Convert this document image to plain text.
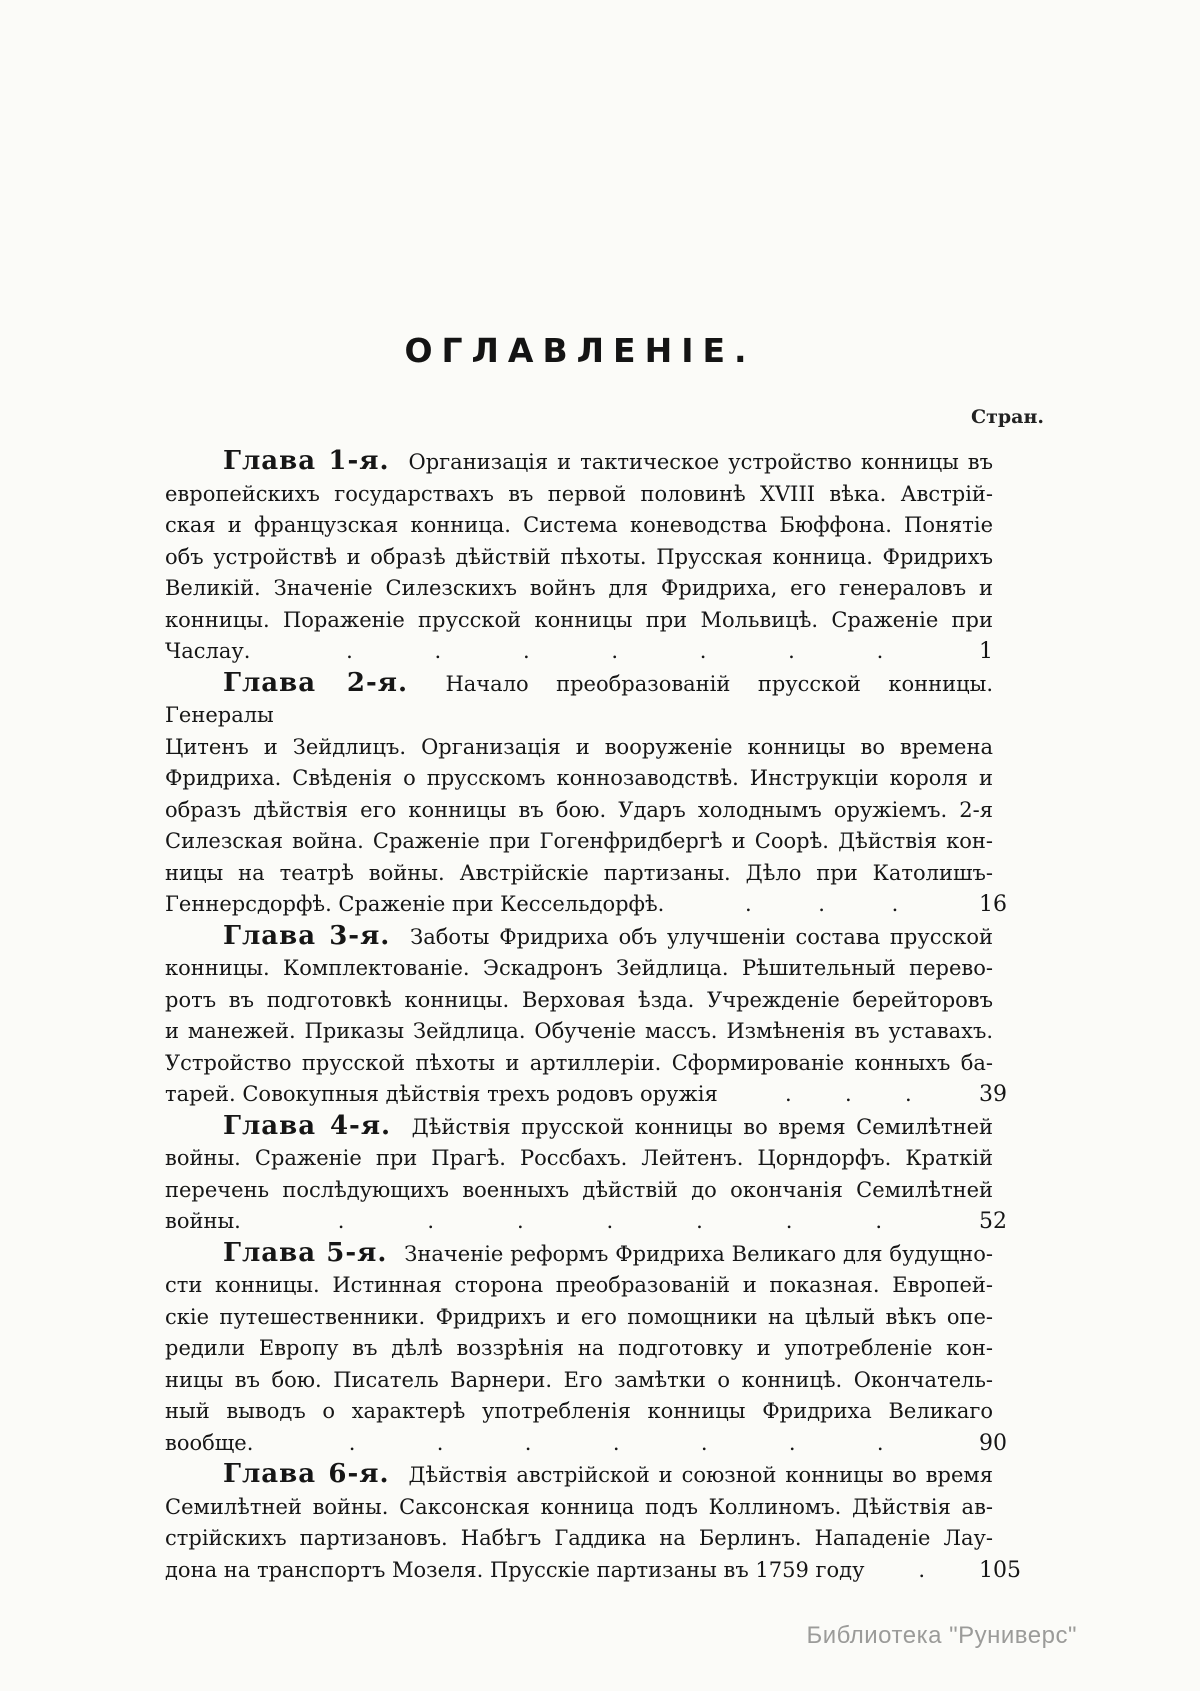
ОГЛАВЛЕНІЕ.
Стран.
Глава 1-я. Организація и тактическое устройство конницы въ
европейскихъ государствахъ въ первой половинѣ XVIII вѣка. Австрій-
ская и французская конница. Система коневодства Бюффона. Понятіе
объ устройствѣ и образѣ дѣйствій пѣхоты. Прусская конница. Фридрихъ
Великій. Значеніе Силезскихъ войнъ для Фридриха, его генераловъ и
конницы. Пораженіе прусской конницы при Мольвицѣ. Сраженіе при
Часлау.	.	.	.	.	.	.	.	1
Глава 2-я. Начало преобразованій прусской конницы. Генералы
Цитенъ и Зейдлицъ. Организація и вооруженіе конницы во времена
Фридриха. Свѣденія о прусскомъ коннозаводствѣ. Инструкціи короля и
образъ дѣйствія его конницы въ бою. Ударъ холоднымъ оружіемъ. 2-я
Силезская война. Сраженіе при Гогенфридбергѣ и Соорѣ. Дѣйствія кон-
ницы на театрѣ войны. Австрійскіе партизаны. Дѣло при Католишъ-
Геннерсдорфѣ. Сраженіе при Кессельдорфѣ.	.	.	.	16
Глава 3-я. Заботы Фридриха объ улучшеніи состава прусской
конницы. Комплектованіе. Эскадронъ Зейдлица. Рѣшительный перево-
ротъ въ подготовкѣ конницы. Верховая ѣзда. Учрежденіе берейторовъ
и манежей. Приказы Зейдлица. Обученіе массъ. Измѣненія въ уставахъ.
Устройство прусской пѣхоты и артиллеріи. Сформированіе конныхъ ба-
тарей. Совокупныя дѣйствія трехъ родовъ оружія	.	.	.	39
Глава 4-я. Дѣйствія прусской конницы во время Семилѣтней
войны. Сраженіе при Прагѣ. Россбахъ. Лейтенъ. Цорндорфъ. Краткій
перечень послѣдующихъ военныхъ дѣйствій до окончанія Семилѣтней
войны.	.	.	.	.	.	.	.	52
Глава 5-я. Значеніе реформъ Фридриха Великаго для будущно-
сти конницы. Истинная сторона преобразованій и показная. Европей-
скіе путешественники. Фридрихъ и его помощники на цѣлый вѣкъ опе-
редили Европу въ дѣлѣ воззрѣнія на подготовку и употребленіе кон-
ницы въ бою. Писатель Варнери. Его замѣтки о конницѣ. Окончатель-
ный выводъ о характерѣ употребленія конницы Фридриха Великаго
вообще.	.	.	.	.	.	.	.	90
Глава 6-я. Дѣйствія австрійской и союзной конницы во время
Семилѣтней войны. Саксонская конница подъ Коллиномъ. Дѣйствія ав-
стрійскихъ партизановъ. Набѣгъ Гаддика на Берлинъ. Нападеніе Лау-
дона на транспортъ Мозеля. Прусскіе партизаны въ 1759 году	. 105
Библиотека "Руниверс"
